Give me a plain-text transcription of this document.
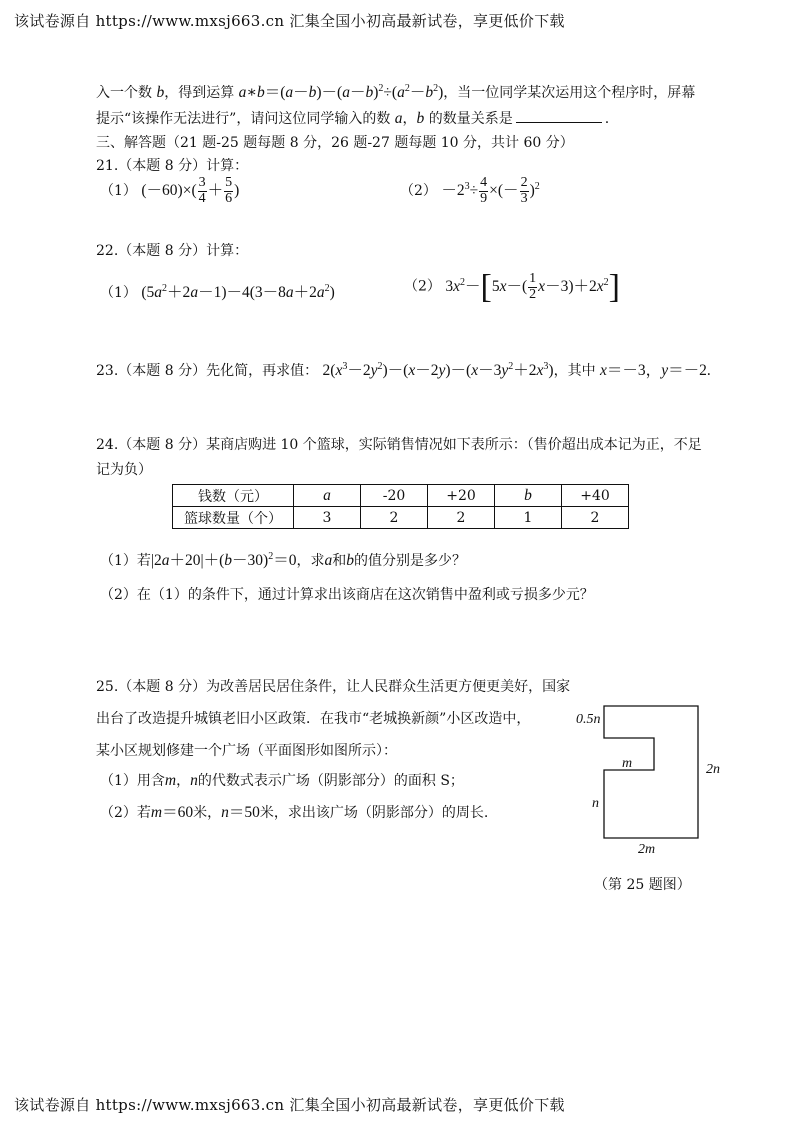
该试卷源自 https://www.mxsj663.cn 汇集全国小初高最新试卷，享更低价下载
入一个数 b，得到运算 $a∗b=(a-b)-(a-b)^2\div(a^2-b^2)$，当一位同学某次运用这个程序时，屏幕
提示“该操作无法进行”，请问这位同学输入的数 a，b 的数量关系是	.
三、解答题（21 题-25 题每题 8 分，26 题-27 题每题 10 分，共计 60 分）
21.（本题 8 分）计算：
（1） $(-60)\times( \frac{3}{4} + \frac{5}{6}$ )	$(2) -2^3\div \frac{4}{9}$ ×(－ $\frac{2}{3} )^2$
22.（本题 8 分）计算：
（1） $(5a^2+2a-1)-4(3-8a+2a^2)$	（2） $3x^2-[5x-( \frac{1}{2} x-3)+2x^2]$
23.（本题 8 分）先化简，再求值： $2(x^3-2y^2)-(x-2y)-(x-3y^2+2x^3)$，其中 x＝－3，y＝－2.
24.（本题 8 分）某商店购进 10 个篮球，实际销售情况如下表所示：（售价超出成本记为正，不足
记为负）
钱数（元）	a	-20	+20	b	+40
篮球数量（个）	3	2	2	1	2
（1）若$|2a+20|+(b-30)^2=0$，求a和b的值分别是多少？
（2）在（1）的条件下，通过计算求出该商店在这次销售中盈利或亏损多少元？
25.（本题 8 分）为改善居民居住条件，让人民群众生活更方便更美好，国家
出台了改造提升城镇老旧小区政策．在我市“老城换新颜”小区改造中，
某小区规划修建一个广场（平面图形如图所示）：
（1）用含m，n的代数式表示广场（阴影部分）的面积 S；
（2）若m＝60米，n＝50米，求出该广场（阴影部分）的周长.
0.5n
m	2n
n
2m
（第 25 题图）
该试卷源自 https://www.mxsj663.cn 汇集全国小初高最新试卷，享更低价下载
